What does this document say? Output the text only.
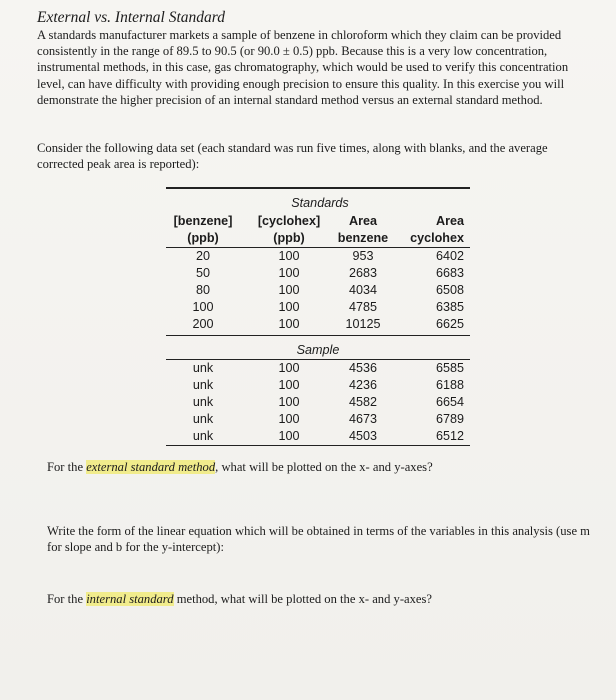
External vs. Internal Standard
A standards manufacturer markets a sample of benzene in chloroform which they claim can be provided consistently in the range of 89.5 to 90.5 (or 90.0 ± 0.5) ppb. Because this is a very low concentration, instrumental methods, in this case, gas chromatography, which would be used to verify this concentration level, can have difficulty with providing enough precision to ensure this quality. In this exercise you will demonstrate the higher precision of an internal standard method versus an external standard method.
Consider the following data set (each standard was run five times, along with blanks, and the average corrected peak area is reported):
Standards
[benzene]	[cyclohex]	Area	Area
(ppb)	(ppb)	benzene	cyclohex
20	100	953	6402
50	100	2683	6683
80	100	4034	6508
100	100	4785	6385
200	100	10125	6625
Sample
unk	100	4536	6585
unk	100	4236	6188
unk	100	4582	6654
unk	100	4673	6789
unk	100	4503	6512
For the external standard method, what will be plotted on the x- and y-axes?
Write the form of the linear equation which will be obtained in terms of the variables in this analysis (use m for slope and b for the y-intercept):
For the internal standard method, what will be plotted on the x- and y-axes?
